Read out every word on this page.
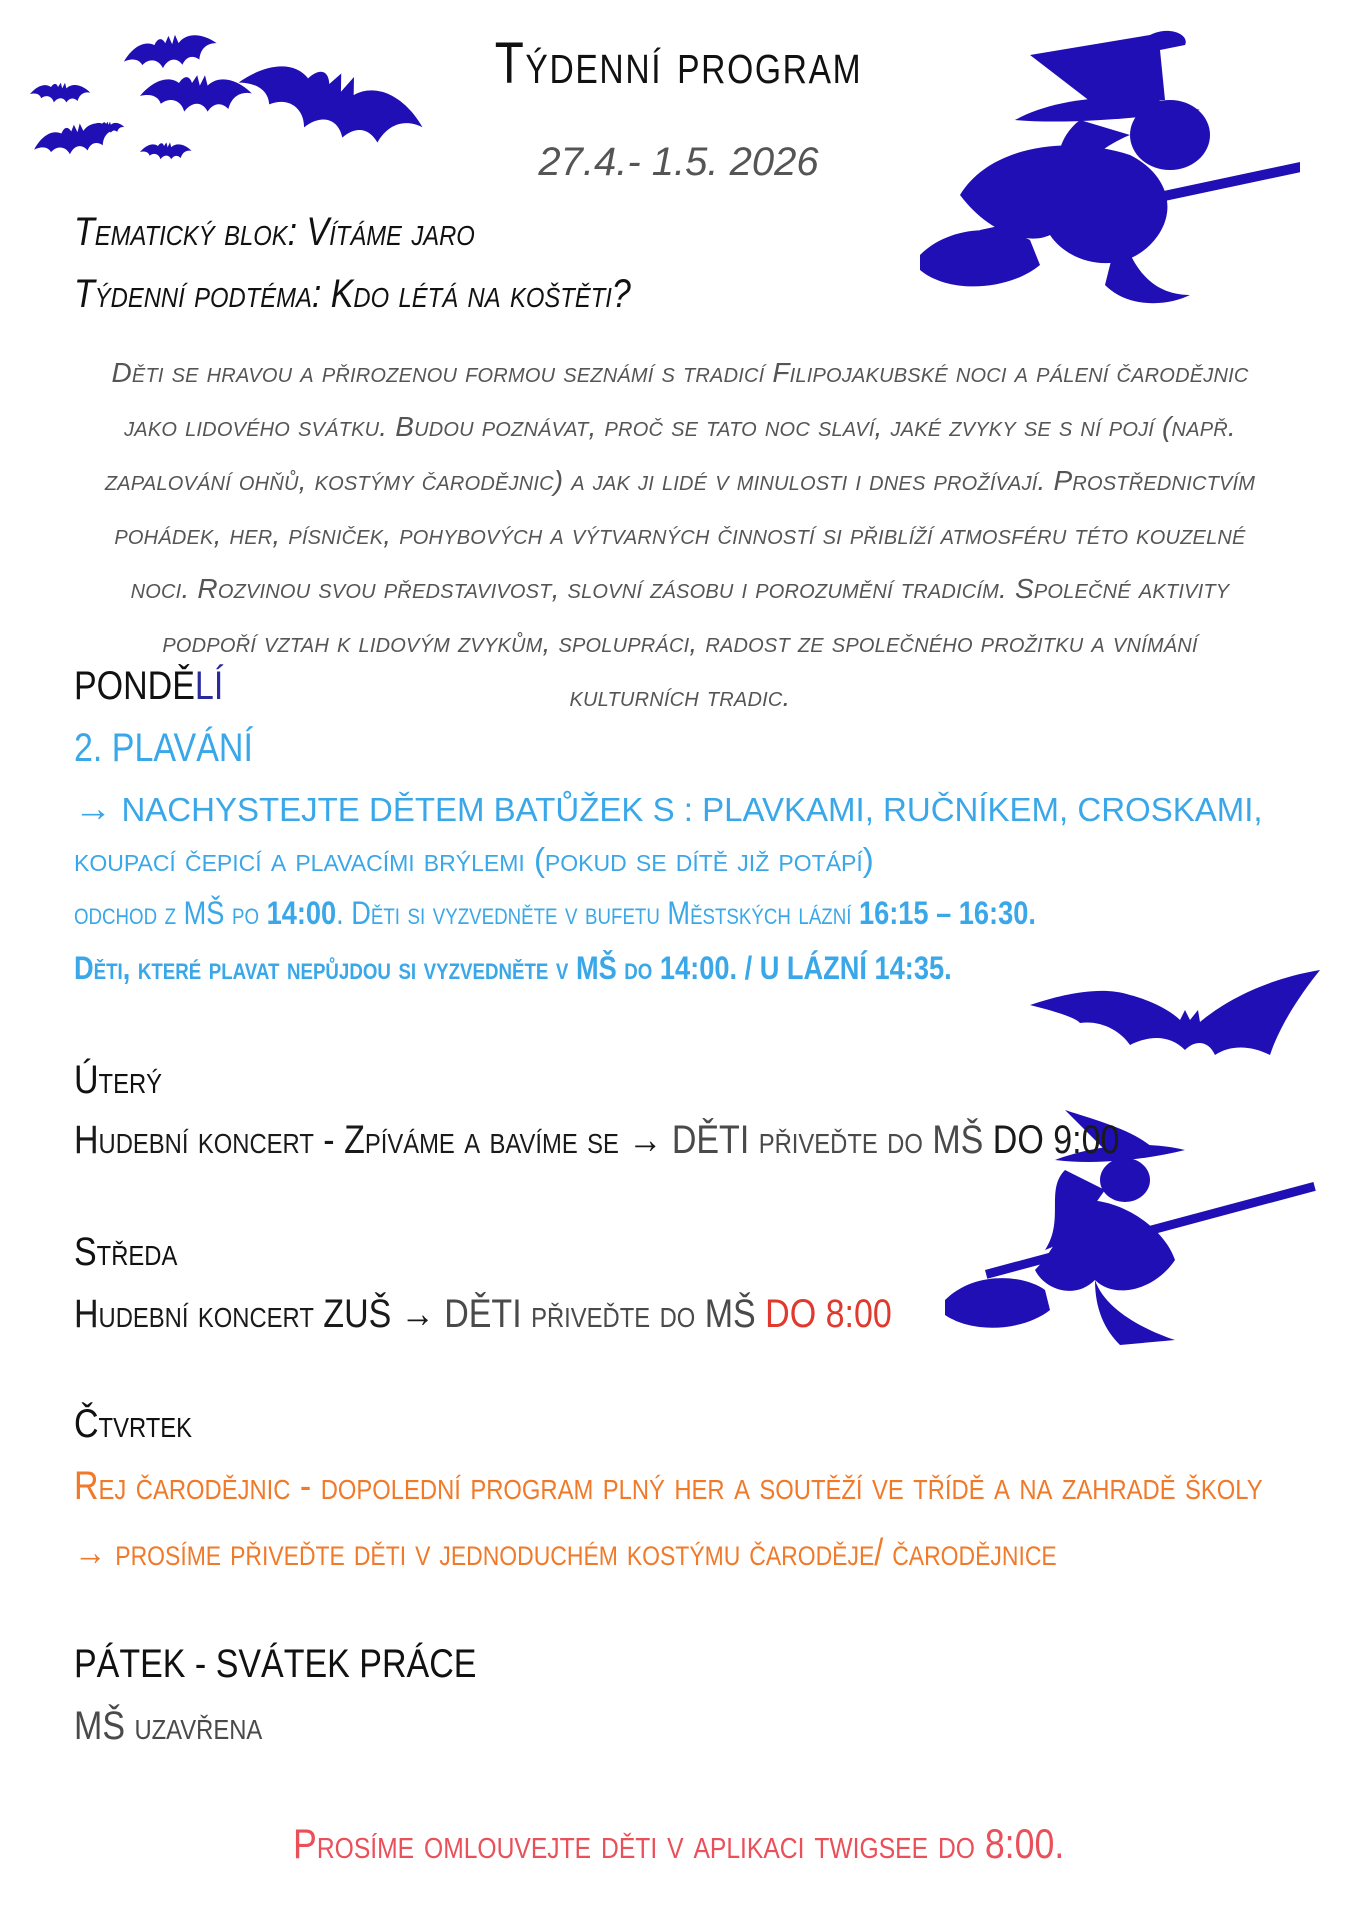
Týdenní program
27.4.- 1.5. 2026
Tematický blok: Vítáme jaro
Týdenní podtéma: Kdo létá na koštěti?
Děti se hravou a přirozenou formou seznámí s tradicí Filipojakubské noci a pálení čarodějnic jako lidového svátku. Budou poznávat, proč se tato noc slaví, jaké zvyky se s ní pojí (např. zapalování ohňů, kostýmy čarodějnic) a jak ji lidé v minulosti i dnes prožívají. Prostřednictvím pohádek, her, písniček, pohybových a výtvarných činností si přiblíží atmosféru této kouzelné noci. Rozvinou svou představivost, slovní zásobu i porozumění tradicím. Společné aktivity podpoří vztah k lidovým zvykům, spolupráci, radost ze společného prožitku a vnímání kulturních tradic.
PONDĚLÍ
2. PLAVÁNÍ
→ NACHYSTEJTE DĚTEM BATŮŽEK S : PLAVKAMI, RUČNÍKEM, CROSKAMI, koupací čepicí a plavacími brýlemi (pokud se dítě již potápí)
odchod z MŠ po 14:00. Děti si vyzvedněte v bufetu Městských lázní 16:15 – 16:30.
Děti, které plavat nepůjdou si vyzvedněte v MŠ do 14:00. / U LÁZNÍ 14:35.
Úterý
Hudební koncert - Zpíváme a bavíme se → DĚTI přiveďte do MŠ DO 9:00
Středa
Hudební koncert ZUŠ → DĚTI přiveďte do MŠ DO 8:00
Čtvrtek
Rej čarodějnic - dopolední program plný her a soutěží ve třídě a na zahradě školy
→ prosíme přiveďte děti v jednoduchém kostýmu čaroděje/ čarodějnice
PÁTEK - SVÁTEK PRÁCE
MŠ uzavřena
Prosíme omlouvejte děti v aplikaci twigsee do 8:00.
